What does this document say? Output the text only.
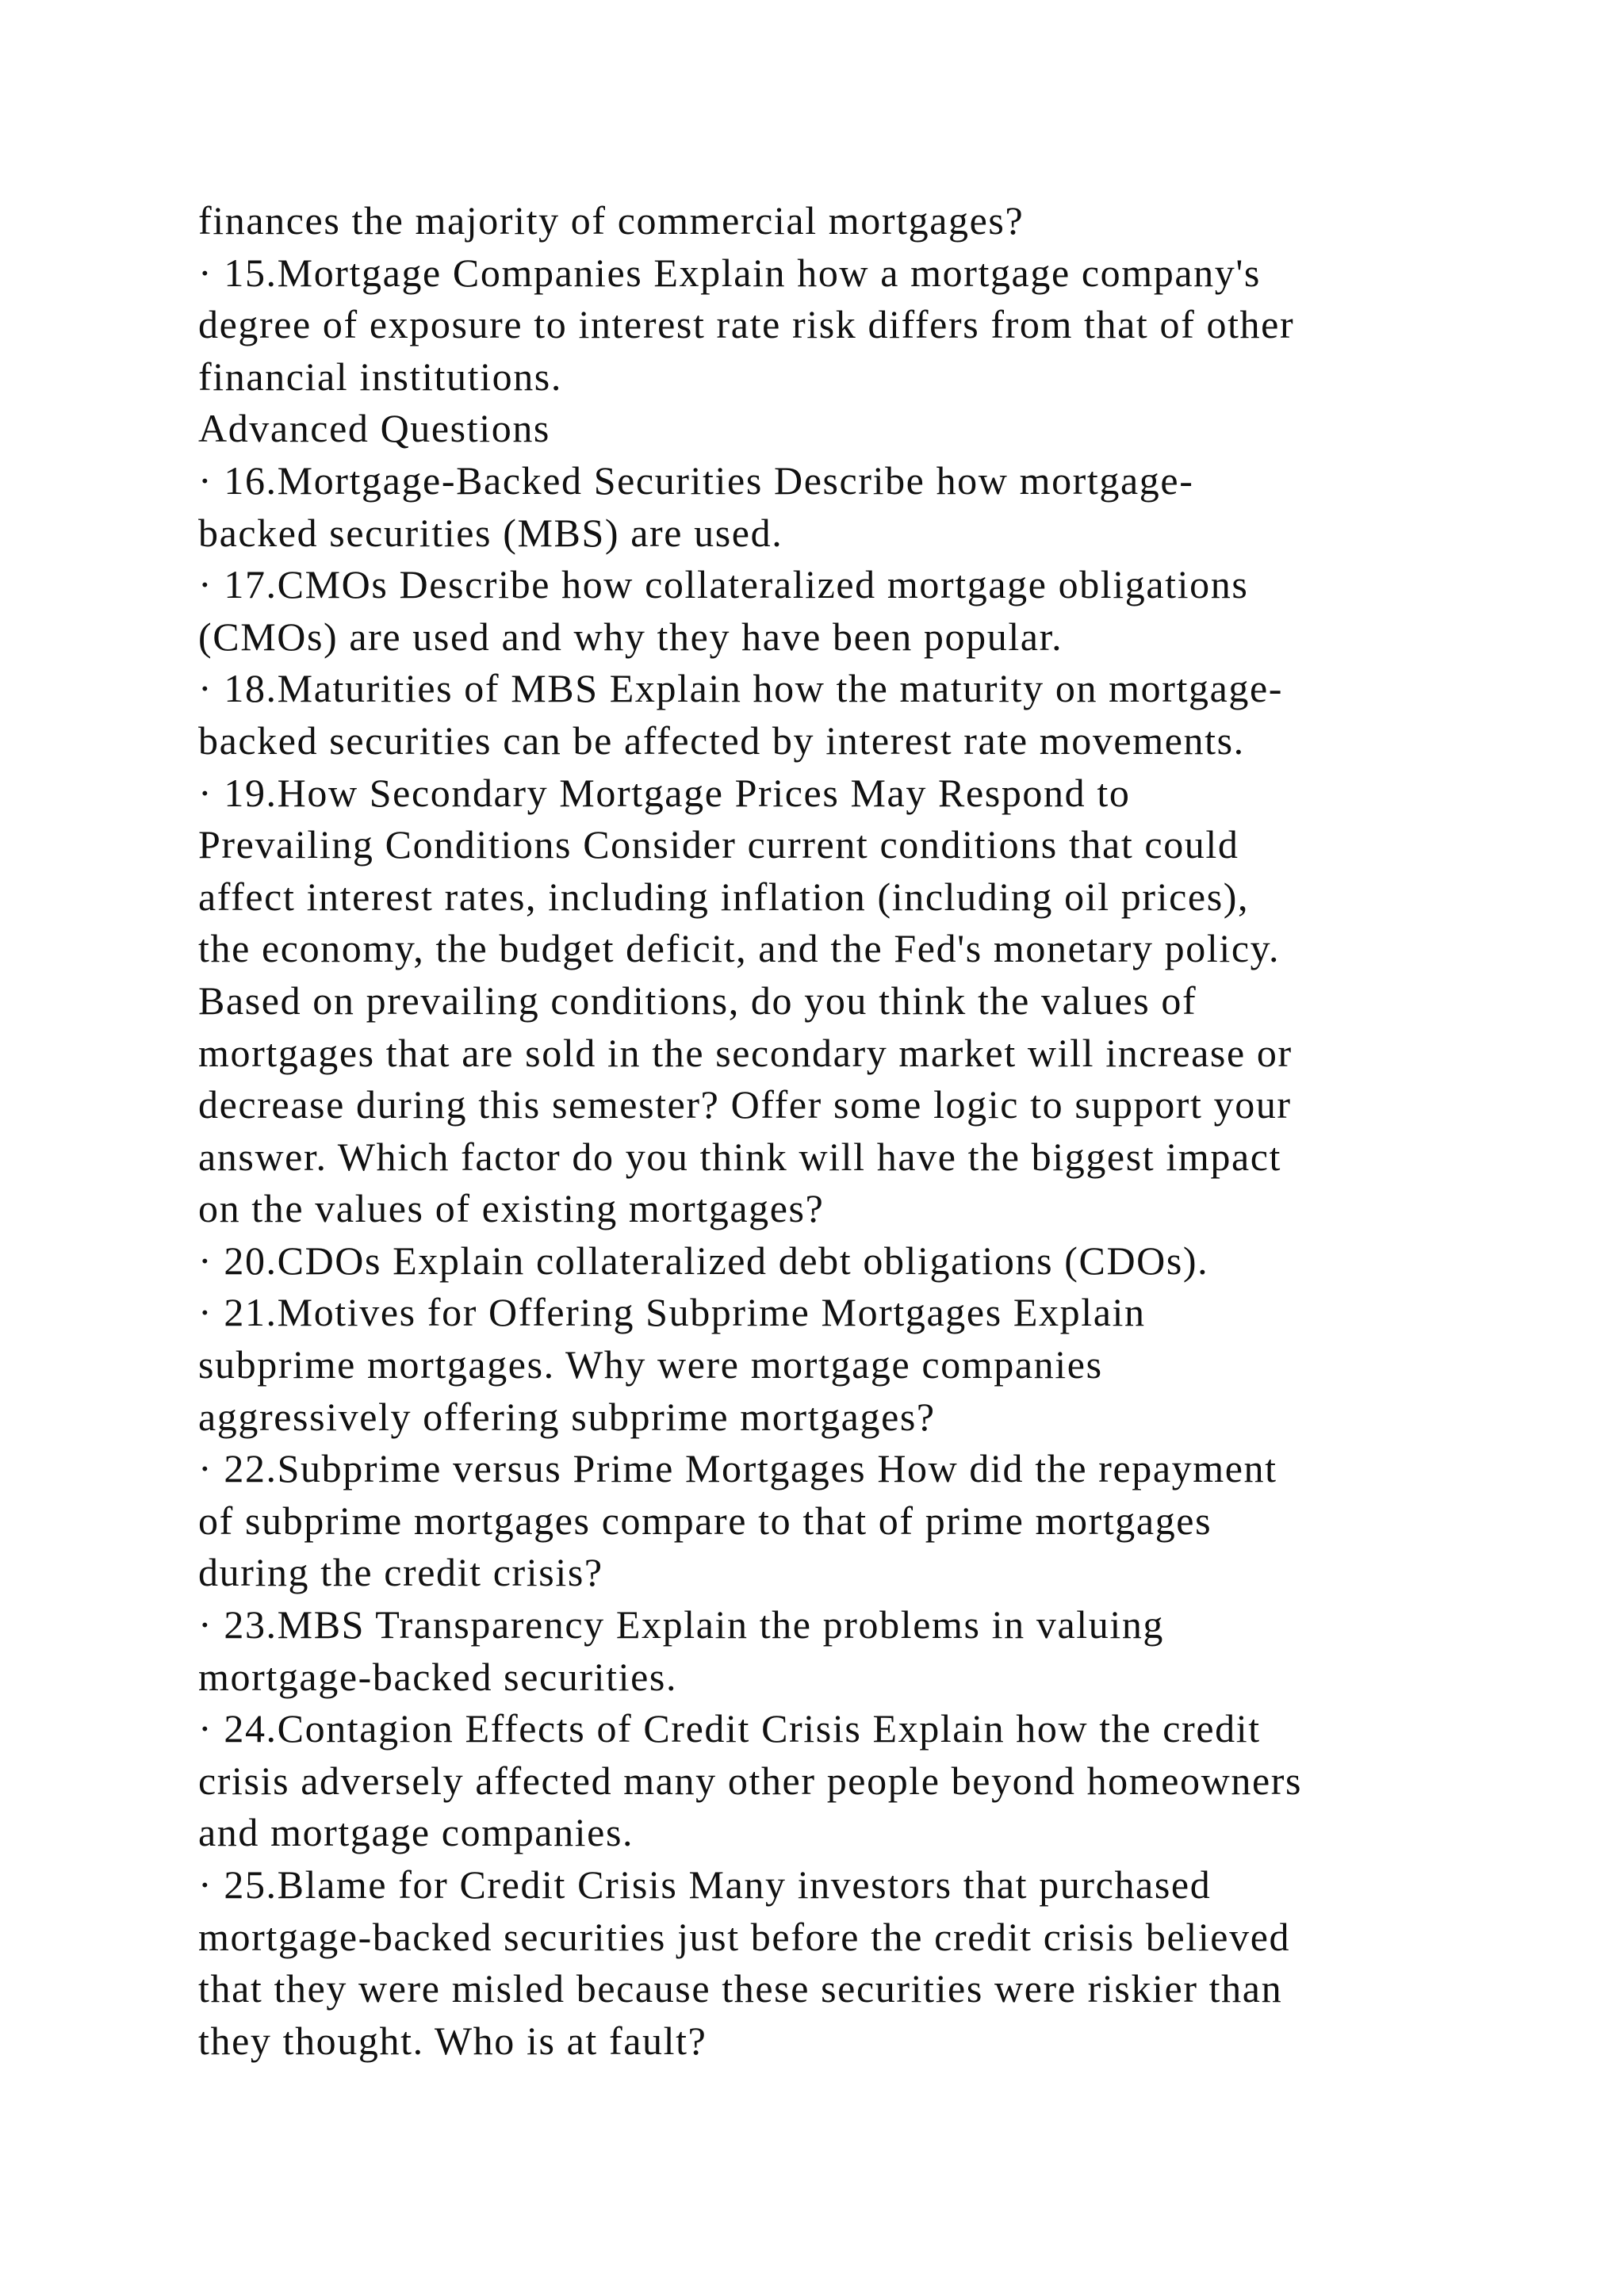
finances the majority of commercial mortgages?
· 15.Mortgage Companies Explain how a mortgage company's
degree of exposure to interest rate risk differs from that of other
financial institutions.
Advanced Questions
· 16.Mortgage-Backed Securities Describe how mortgage-
backed securities (MBS) are used.
· 17.CMOs Describe how collateralized mortgage obligations
(CMOs) are used and why they have been popular.
· 18.Maturities of MBS Explain how the maturity on mortgage-
backed securities can be affected by interest rate movements.
· 19.How Secondary Mortgage Prices May Respond to
Prevailing Conditions Consider current conditions that could
affect interest rates, including inflation (including oil prices),
the economy, the budget deficit, and the Fed's monetary policy.
Based on prevailing conditions, do you think the values of
mortgages that are sold in the secondary market will increase or
decrease during this semester? Offer some logic to support your
answer. Which factor do you think will have the biggest impact
on the values of existing mortgages?
· 20.CDOs Explain collateralized debt obligations (CDOs).
· 21.Motives for Offering Subprime Mortgages Explain
subprime mortgages. Why were mortgage companies
aggressively offering subprime mortgages?
· 22.Subprime versus Prime Mortgages How did the repayment
of subprime mortgages compare to that of prime mortgages
during the credit crisis?
· 23.MBS Transparency Explain the problems in valuing
mortgage-backed securities.
· 24.Contagion Effects of Credit Crisis Explain how the credit
crisis adversely affected many other people beyond homeowners
and mortgage companies.
· 25.Blame for Credit Crisis Many investors that purchased
mortgage-backed securities just before the credit crisis believed
that they were misled because these securities were riskier than
they thought. Who is at fault?
